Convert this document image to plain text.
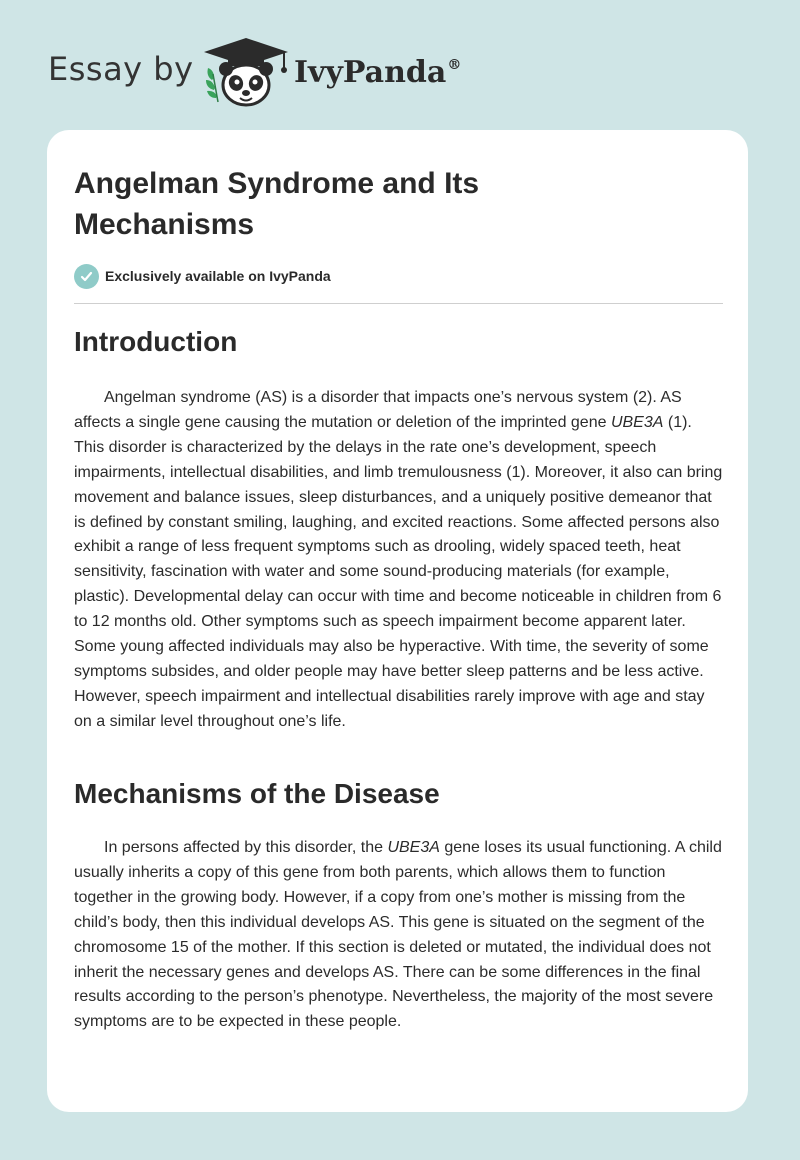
Essay by	IvyPanda®
Angelman Syndrome and Its
Mechanisms
Exclusively available on IvyPanda
Introduction

Angelman syndrome (AS) is a disorder that impacts one’s nervous system (2). AS affects a single gene causing the mutation or deletion of the imprinted gene UBE3A (1). This disorder is characterized by the delays in the rate one’s development, speech impairments, intellectual disabilities, and limb tremulousness (1). Moreover, it also can bring movement and balance issues, sleep disturbances, and a uniquely positive demeanor that is defined by constant smiling, laughing, and excited reactions. Some affected persons also exhibit a range of less frequent symptoms such as drooling, widely spaced teeth, heat sensitivity, fascination with water and some sound-producing materials (for example, plastic). Developmental delay can occur with time and become noticeable in children from 6 to 12 months old. Other symptoms such as speech impairment become apparent later. Some young affected individuals may also be hyperactive. With time, the severity of some symptoms subsides, and older people may have better sleep patterns and be less active. However, speech impairment and intellectual disabilities rarely improve with age and stay on a similar level throughout one’s life.

Mechanisms of the Disease

In persons affected by this disorder, the UBE3A gene loses its usual functioning. A child usually inherits a copy of this gene from both parents, which allows them to function together in the growing body. However, if a copy from one’s mother is missing from the child’s body, then this individual develops AS. This gene is situated on the segment of the chromosome 15 of the mother. If this section is deleted or mutated, the individual does not inherit the necessary genes and develops AS. There can be some differences in the final results according to the person’s phenotype. Nevertheless, the majority of the most severe symptoms are to be expected in these people.
